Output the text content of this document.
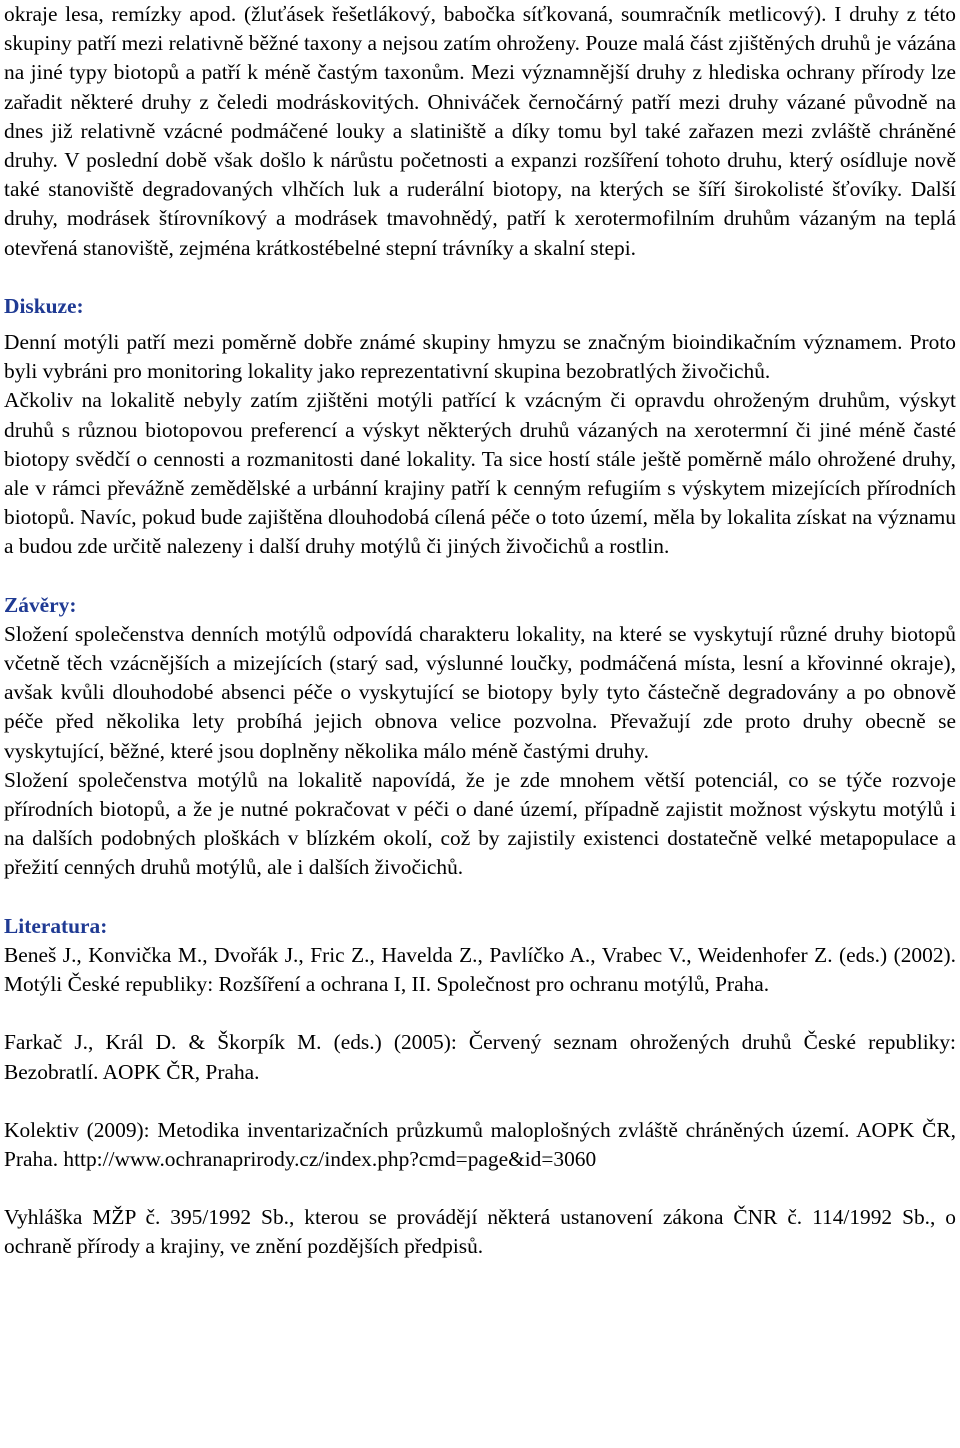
okraje lesa, remízky apod. (žluťásek řešetlákový, babočka síťkovaná, soumračník metlicový). I druhy z této skupiny patří mezi relativně běžné taxony a nejsou zatím ohroženy. Pouze malá část zjištěných druhů je vázána na jiné typy biotopů a patří k méně častým taxonům. Mezi významnější druhy z hlediska ochrany přírody lze zařadit některé druhy z čeledi modráskovitých. Ohniváček černočárný patří mezi druhy vázané původně na dnes již relativně vzácné podmáčené louky a slatiniště a díky tomu byl také zařazen mezi zvláště chráněné druhy. V poslední době však došlo k nárůstu početnosti a expanzi rozšíření tohoto druhu, který osídluje nově také stanoviště degradovaných vlhčích luk a ruderální biotopy, na kterých se šíří širokolisté šťovíky. Další druhy, modrásek štírovníkový a modrásek tmavohnědý, patří k xerotermofilním druhům vázaným na teplá otevřená stanoviště, zejména krátkostébelné stepní trávníky a skalní stepi.

Diskuze:

Denní motýli patří mezi poměrně dobře známé skupiny hmyzu se značným bioindikačním významem. Proto byli vybráni pro monitoring lokality jako reprezentativní skupina bezobratlých živočichů.

Ačkoliv na lokalitě nebyly zatím zjištěni motýli patřící k vzácným či opravdu ohroženým druhům, výskyt druhů s různou biotopovou preferencí a výskyt některých druhů vázaných na xerotermní či jiné méně časté biotopy svědčí o cennosti a rozmanitosti dané lokality. Ta sice hostí stále ještě poměrně málo ohrožené druhy, ale v rámci převážně zemědělské a urbánní krajiny patří k cenným refugiím s výskytem mizejících přírodních biotopů. Navíc, pokud bude zajištěna dlouhodobá cílená péče o toto území, měla by lokalita získat na významu a budou zde určitě nalezeny i další druhy motýlů či jiných živočichů a rostlin.

Závěry:

Složení společenstva denních motýlů odpovídá charakteru lokality, na které se vyskytují různé druhy biotopů včetně těch vzácnějších a mizejících (starý sad, výslunné loučky, podmáčená místa, lesní a křovinné okraje), avšak kvůli dlouhodobé absenci péče o vyskytující se biotopy byly tyto částečně degradovány a po obnově péče před několika lety probíhá jejich obnova velice pozvolna. Převažují zde proto druhy obecně se vyskytující, běžné, které jsou doplněny několika málo méně častými druhy.

Složení společenstva motýlů na lokalitě napovídá, že je zde mnohem větší potenciál, co se týče rozvoje přírodních biotopů, a že je nutné pokračovat v péči o dané území, případně zajistit možnost výskytu motýlů i na dalších podobných ploškách v blízkém okolí, což by zajistily existenci dostatečně velké metapopulace a přežití cenných druhů motýlů, ale i dalších živočichů.

Literatura:

Beneš J., Konvička M., Dvořák J., Fric Z., Havelda Z., Pavlíčko A., Vrabec V., Weidenhofer Z. (eds.) (2002). Motýli České republiky: Rozšíření a ochrana I, II. Společnost pro ochranu motýlů, Praha.

Farkač J., Král D. & Škorpík M. (eds.) (2005): Červený seznam ohrožených druhů České republiky: Bezobratlí. AOPK ČR, Praha.

Kolektiv (2009): Metodika inventarizačních průzkumů maloplošných zvláště chráněných území. AOPK ČR, Praha. http://www.ochranaprirody.cz/index.php?cmd=page&id=3060

Vyhláška MŽP č. 395/1992 Sb., kterou se provádějí některá ustanovení zákona ČNR č. 114/1992 Sb., o ochraně přírody a krajiny, ve znění pozdějších předpisů.
